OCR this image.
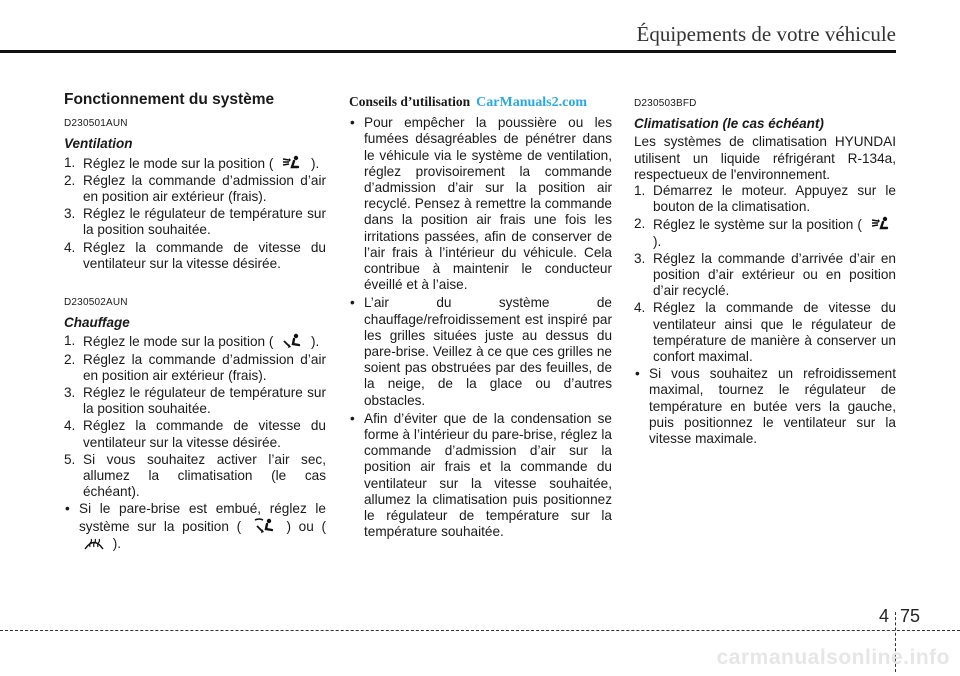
Équipements de votre véhicule
Fonctionnement du système
D230501AUN
Ventilation
1. Réglez le mode sur la position (	).
2. Réglez la commande d’admission d’air en position air extérieur (frais).
3. Réglez le régulateur de température sur la position souhaitée.
4. Réglez la commande de vitesse du ventilateur sur la vitesse désirée.
D230502AUN
Chauffage
1. Réglez le mode sur la position (	).
2. Réglez la commande d’admission d’air en position air extérieur (frais).
3. Réglez le régulateur de température sur la position souhaitée.
4. Réglez la commande de vitesse du ventilateur sur la vitesse désirée.
5. Si vous souhaitez activer l’air sec, allumez la climatisation (le cas échéant).
• Si le pare-brise est embué, réglez le système sur la position (	) ou (  ).
Conseils d’utilisation CarManuals2.com
• Pour empêcher la poussière ou les fumées désagréables de pénétrer dans le véhicule via le système de ventilation, réglez provisoirement la commande d’admission d’air sur la position air recyclé. Pensez à remettre la commande dans la position air frais une fois les irritations passées, afin de conserver de l’air frais à l’intérieur du véhicule. Cela contribue à maintenir le conducteur éveillé et à l’aise.
• L’air du système de chauffage/refroidissement est inspiré par les grilles situées juste au dessus du pare-brise. Veillez à ce que ces grilles ne soient pas obstruées par des feuilles, de la neige, de la glace ou d’autres obstacles.
• Afin d’éviter que de la condensation se forme à l’intérieur du pare-brise, réglez la commande d’admission d’air sur la position air frais et la commande du ventilateur sur la vitesse souhaitée, allumez la climatisation puis positionnez le régulateur de température sur la température souhaitée.
D230503BFD
Climatisation (le cas échéant)

Les systèmes de climatisation HYUNDAI utilisent un liquide réfrigérant R-134a, respectueux de l'environnement.

1. Démarrez le moteur. Appuyez sur le bouton de la climatisation.
2. Réglez le système sur la position (  ).
3. Réglez la commande d’arrivée d’air en position d’air extérieur ou en position d’air recyclé.
4. Réglez la commande de vitesse du ventilateur ainsi que le régulateur de température de manière à conserver un confort maximal.
• Si vous souhaitez un refroidissement maximal, tournez le régulateur de température en butée vers la gauche, puis positionnez le ventilateur sur la vitesse maximale.
4 75
carmanualsonline.info
